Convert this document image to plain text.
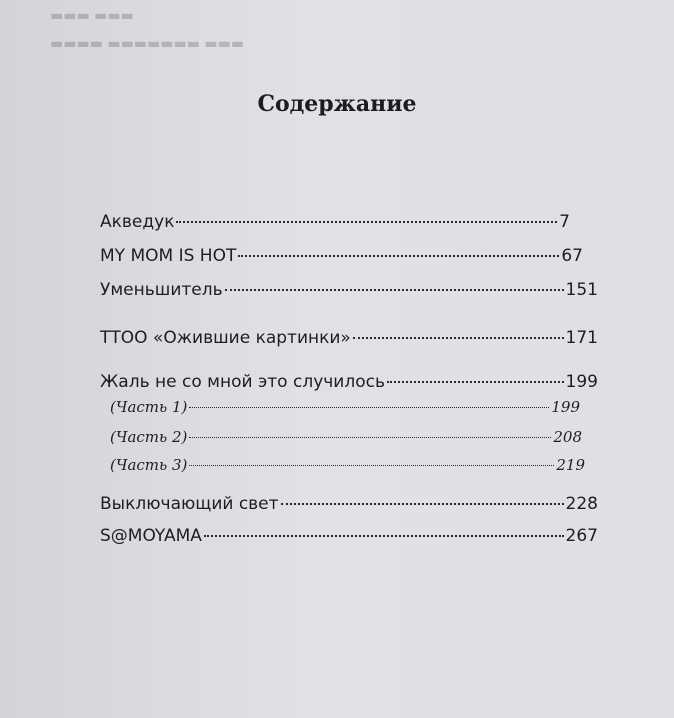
▬▬▬ ▬▬▬
▬▬▬ ▬▬▬▬▬▬▬ ▬▬▬▬
Содержание
Акведук	7
MY MOM IS HOT	67
Уменьшитель	151
ТТОО «Ожившие картинки»	171
Жаль не со мной это случилось	199
(Часть 1)	199
(Часть 2)	208
(Часть 3)	219
Выключающий свет	228
S@MOYAMA	267
